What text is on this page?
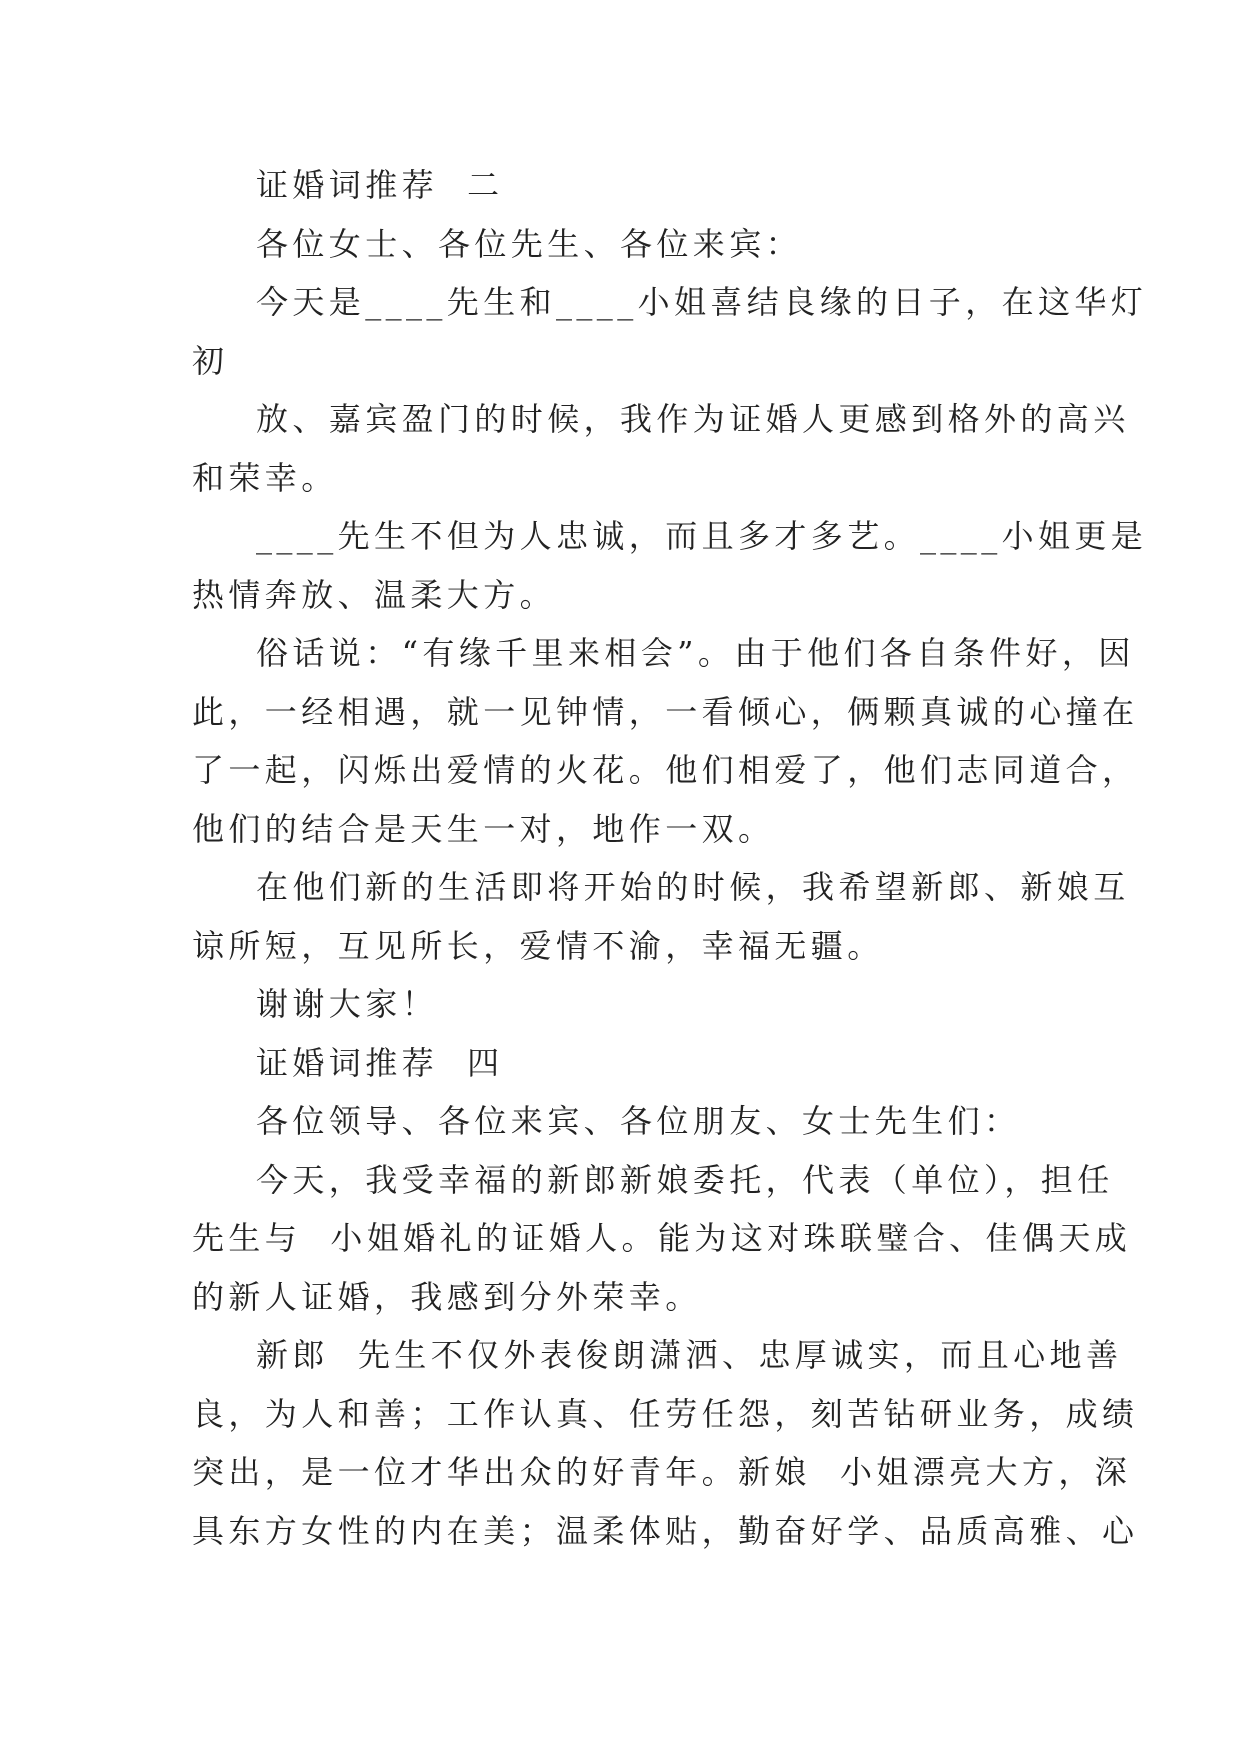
证婚词推荐  二
各位女士、各位先生、各位来宾：
今天是____先生和____小姐喜结良缘的日子，在这华灯
初
放、嘉宾盈门的时候，我作为证婚人更感到格外的高兴
和荣幸。
____先生不但为人忠诚，而且多才多艺。____小姐更是
热情奔放、温柔大方。
俗话说：“有缘千里来相会”。由于他们各自条件好，因
此，一经相遇，就一见钟情，一看倾心，俩颗真诚的心撞在
了一起，闪烁出爱情的火花。他们相爱了，他们志同道合，
他们的结合是天生一对，地作一双。
在他们新的生活即将开始的时候，我希望新郎、新娘互
谅所短，互见所长，爱情不渝，幸福无疆。
谢谢大家！
证婚词推荐  四
各位领导、各位来宾、各位朋友、女士先生们：
今天，我受幸福的新郎新娘委托，代表（单位），担任
先生与  小姐婚礼的证婚人。能为这对珠联璧合、佳偶天成
的新人证婚，我感到分外荣幸。
新郎  先生不仅外表俊朗潇洒、忠厚诚实，而且心地善
良，为人和善；工作认真、任劳任怨，刻苦钻研业务，成绩
突出，是一位才华出众的好青年。新娘  小姐漂亮大方，深
具东方女性的内在美；温柔体贴，勤奋好学、品质高雅、心
